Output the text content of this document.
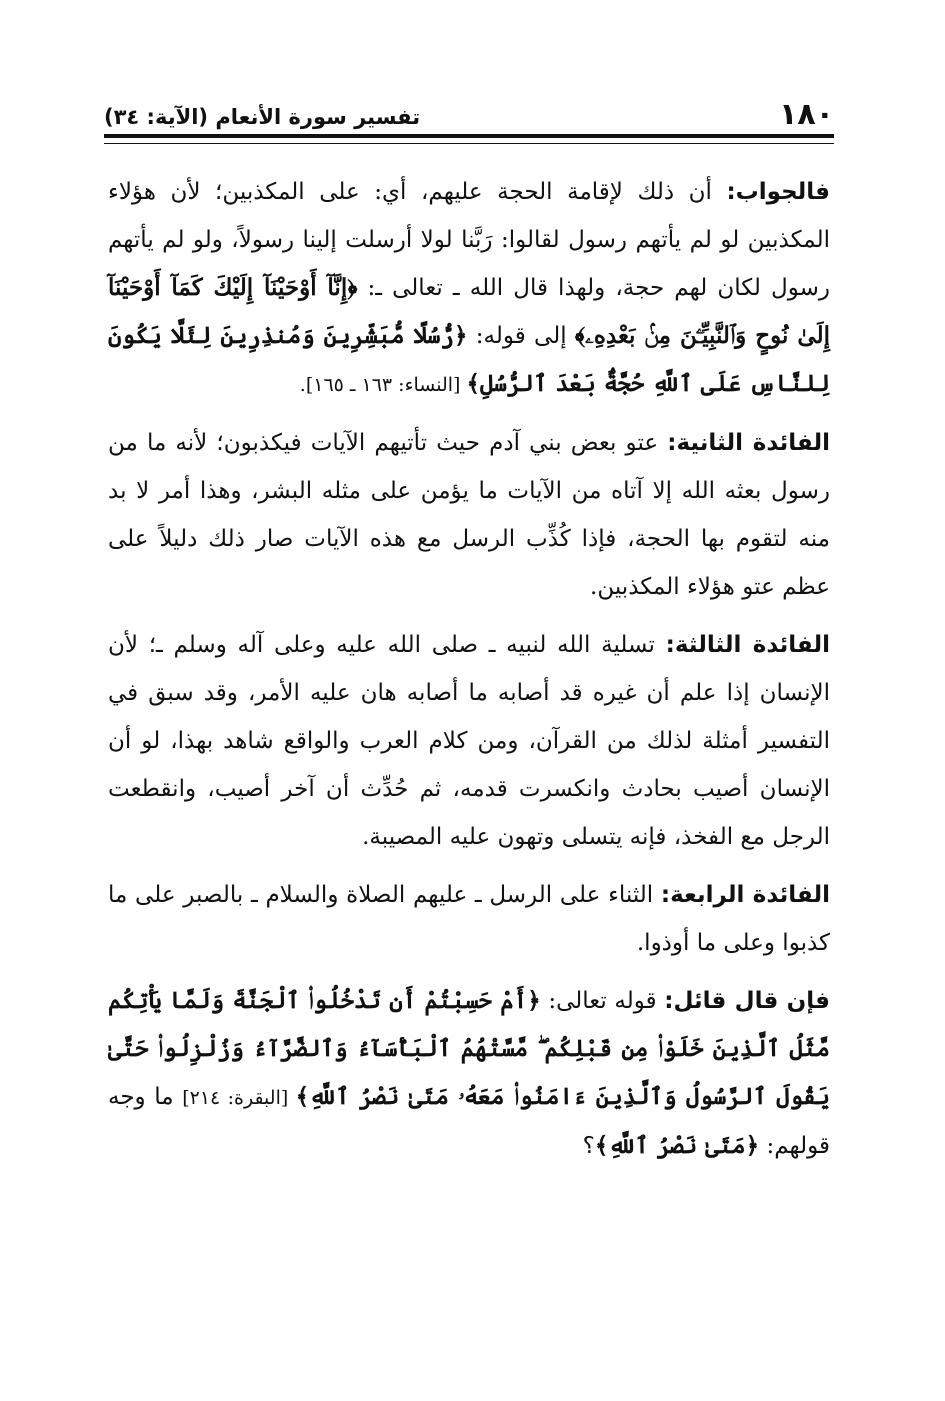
١٨٠
تفسير سورة الأنعام (الآية: ٣٤)

فالجواب: أن ذلك لإقامة الحجة عليهم، أي: على المكذبين؛ لأن هؤلاء المكذبين لو لم يأتهم رسول لقالوا: رَبَّنا لولا أرسلت إلينا رسولاً، ولو لم يأتهم رسول لكان لهم حجة، ولهذا قال الله ـ تعالى ـ: ﴿إِنَّآ أَوْحَيْنَآ إِلَيْكَ كَمَآ أَوْحَيْنَآ إِلَىٰ نُوحٍ وَٱلنَّبِيِّـۧنَ مِنۢ بَعْدِهِۦ﴾ إلى قوله: ﴿رُّسُلًا مُّبَشِّرِينَ وَمُنذِرِينَ لِئَلَّا يَكُونَ لِلنَّاسِ عَلَى ٱللَّهِ حُجَّةٌۢ بَعْدَ ٱلرُّسُلِ﴾ [النساء: ١٦٣ ـ ١٦٥].

الفائدة الثانية: عتو بعض بني آدم حيث تأتيهم الآيات فيكذبون؛ لأنه ما من رسول بعثه الله إلا آتاه من الآيات ما يؤمن على مثله البشر، وهذا أمر لا بد منه لتقوم بها الحجة، فإذا كُذِّب الرسل مع هذه الآيات صار ذلك دليلاً على عظم عتو هؤلاء المكذبين.

الفائدة الثالثة: تسلية الله لنبيه ـ صلى الله عليه وعلى آله وسلم ـ؛ لأن الإنسان إذا علم أن غيره قد أصابه ما أصابه هان عليه الأمر، وقد سبق في التفسير أمثلة لذلك من القرآن، ومن كلام العرب والواقع شاهد بهذا، لو أن الإنسان أصيب بحادث وانكسرت قدمه، ثم حُدِّث أن آخر أصيب، وانقطعت الرجل مع الفخذ، فإنه يتسلى وتهون عليه المصيبة.

الفائدة الرابعة: الثناء على الرسل ـ عليهم الصلاة والسلام ـ بالصبر على ما كذبوا وعلى ما أوذوا.

فإن قال قائل: قوله تعالى: ﴿أَمْ حَسِبْتُمْ أَن تَدْخُلُوا۟ ٱلْجَنَّةَ وَلَمَّا يَأْتِكُم مَّثَلُ ٱلَّذِينَ خَلَوْا۟ مِن قَبْلِكُم ۖ مَّسَّتْهُمُ ٱلْبَأْسَآءُ وَٱلضَّرَّآءُ وَزُلْزِلُوا۟ حَتَّىٰ يَقُولَ ٱلرَّسُولُ وَٱلَّذِينَ ءَامَنُوا۟ مَعَهُۥ مَتَىٰ نَصْرُ ٱللَّهِ﴾ [البقرة: ٢١٤] ما وجه قولهم: ﴿مَتَىٰ نَصْرُ ٱللَّهِ﴾؟
